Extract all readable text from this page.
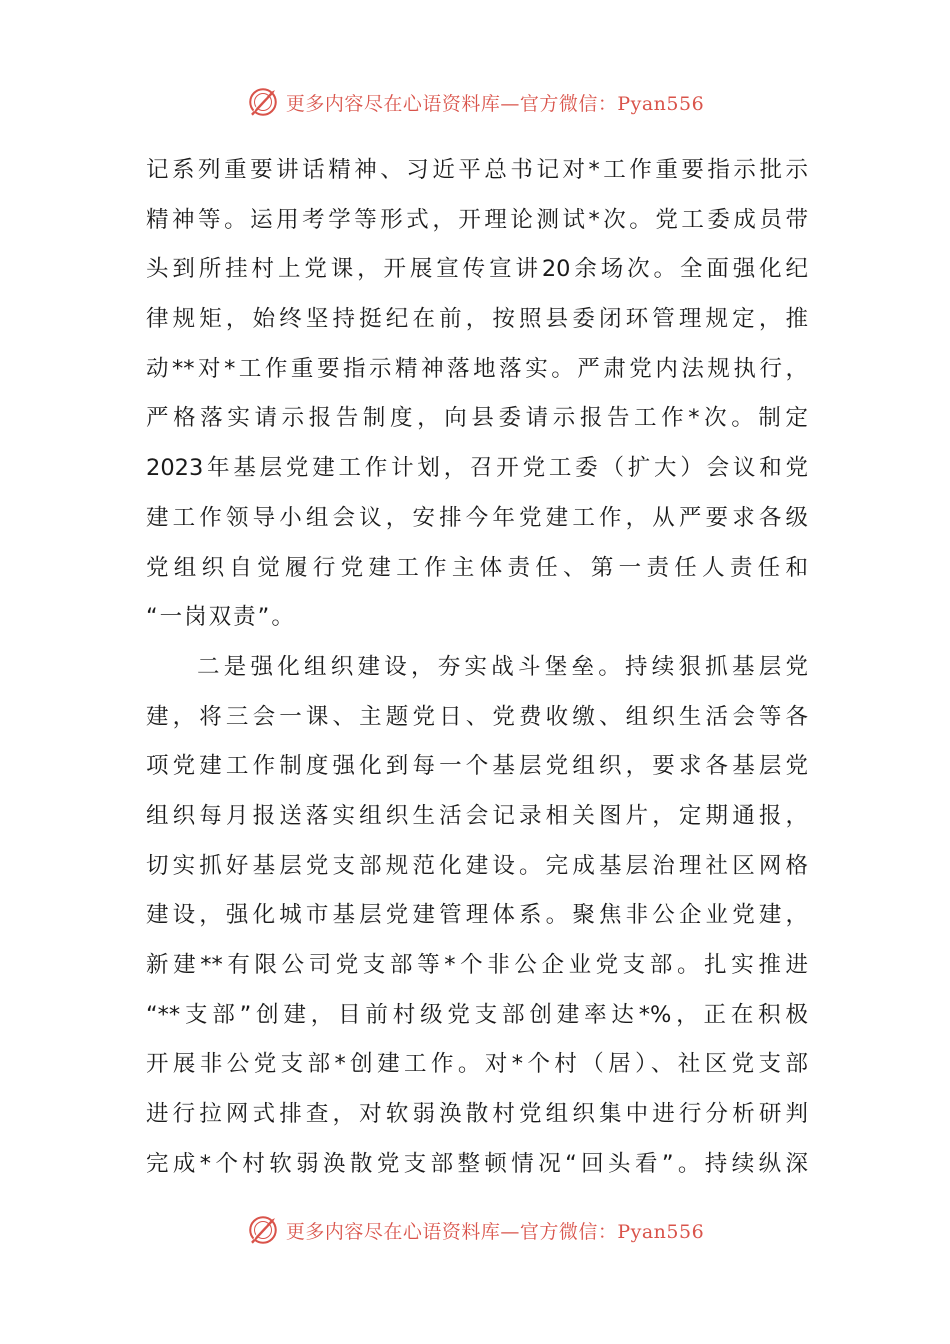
更多内容尽在心语资料库—官方微信：Pyan556
记系列重要讲话精神、习近平总书记对*工作重要指示批示
精神等。运用考学等形式，开理论测试*次。党工委成员带
头到所挂村上党课，开展宣传宣讲20余场次。全面强化纪
律规矩，始终坚持挺纪在前，按照县委闭环管理规定，推
动**对*工作重要指示精神落地落实。严肃党内法规执行，
严格落实请示报告制度，向县委请示报告工作*次。制定
2023年基层党建工作计划，召开党工委（扩大）会议和党
建工作领导小组会议，安排今年党建工作，从严要求各级
党组织自觉履行党建工作主体责任、第一责任人责任和
“一岗双责”。
二是强化组织建设，夯实战斗堡垒。持续狠抓基层党
建，将三会一课、主题党日、党费收缴、组织生活会等各
项党建工作制度强化到每一个基层党组织，要求各基层党
组织每月报送落实组织生活会记录相关图片，定期通报，
切实抓好基层党支部规范化建设。完成基层治理社区网格
建设，强化城市基层党建管理体系。聚焦非公企业党建，
新建**有限公司党支部等*个非公企业党支部。扎实推进
“**支部”创建，目前村级党支部创建率达*%，正在积极
开展非公党支部*创建工作。对*个村（居）、社区党支部
进行拉网式排查，对软弱涣散村党组织集中进行分析研判
完成*个村软弱涣散党支部整顿情况“回头看”。持续纵深
更多内容尽在心语资料库—官方微信：Pyan556
